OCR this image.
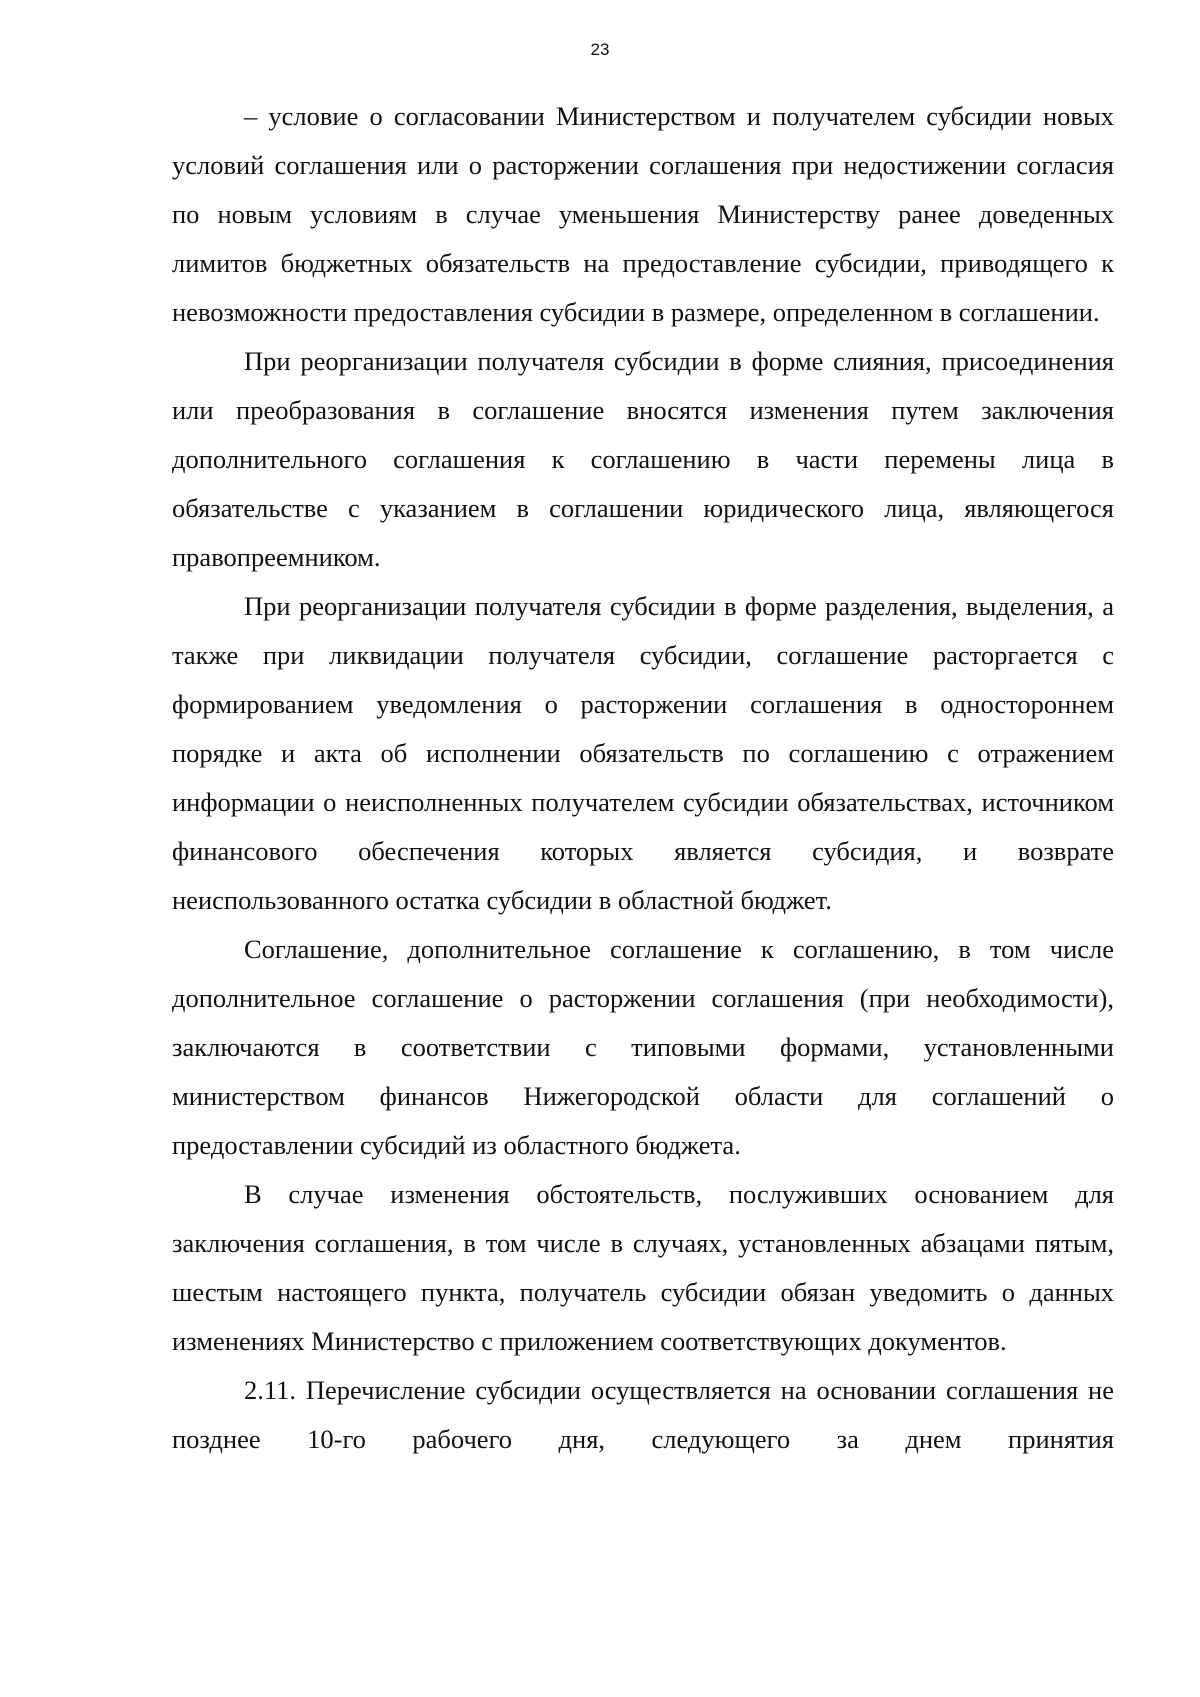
23

– условие о согласовании Министерством и получателем субсидии новых условий соглашения или о расторжении соглашения при недостижении согласия по новым условиям в случае уменьшения Министерству ранее доведенных лимитов бюджетных обязательств на предоставление субсидии, приводящего к невозможности предоставления субсидии в размере, определенном в соглашении.

При реорганизации получателя субсидии в форме слияния, присоединения или преобразования в соглашение вносятся изменения путем заключения дополнительного соглашения к соглашению в части перемены лица в обязательстве с указанием в соглашении юридического лица, являющегося правопреемником.

При реорганизации получателя субсидии в форме разделения, выделения, а также при ликвидации получателя субсидии, соглашение расторгается с формированием уведомления о расторжении соглашения в одностороннем порядке и акта об исполнении обязательств по соглашению с отражением информации о неисполненных получателем субсидии обязательствах, источником финансового обеспечения которых является субсидия, и возврате неиспользованного остатка субсидии в областной бюджет.

Соглашение, дополнительное соглашение к соглашению, в том числе дополнительное соглашение о расторжении соглашения (при необходимости), заключаются в соответствии с типовыми формами, установленными министерством финансов Нижегородской области для соглашений о предоставлении субсидий из областного бюджета.

В случае изменения обстоятельств, послуживших основанием для заключения соглашения, в том числе в случаях, установленных абзацами пятым, шестым настоящего пункта, получатель субсидии обязан уведомить о данных изменениях Министерство с приложением соответствующих документов.

2.11. Перечисление субсидии осуществляется на основании соглашения не позднее 10-го рабочего дня, следующего за днем принятия
